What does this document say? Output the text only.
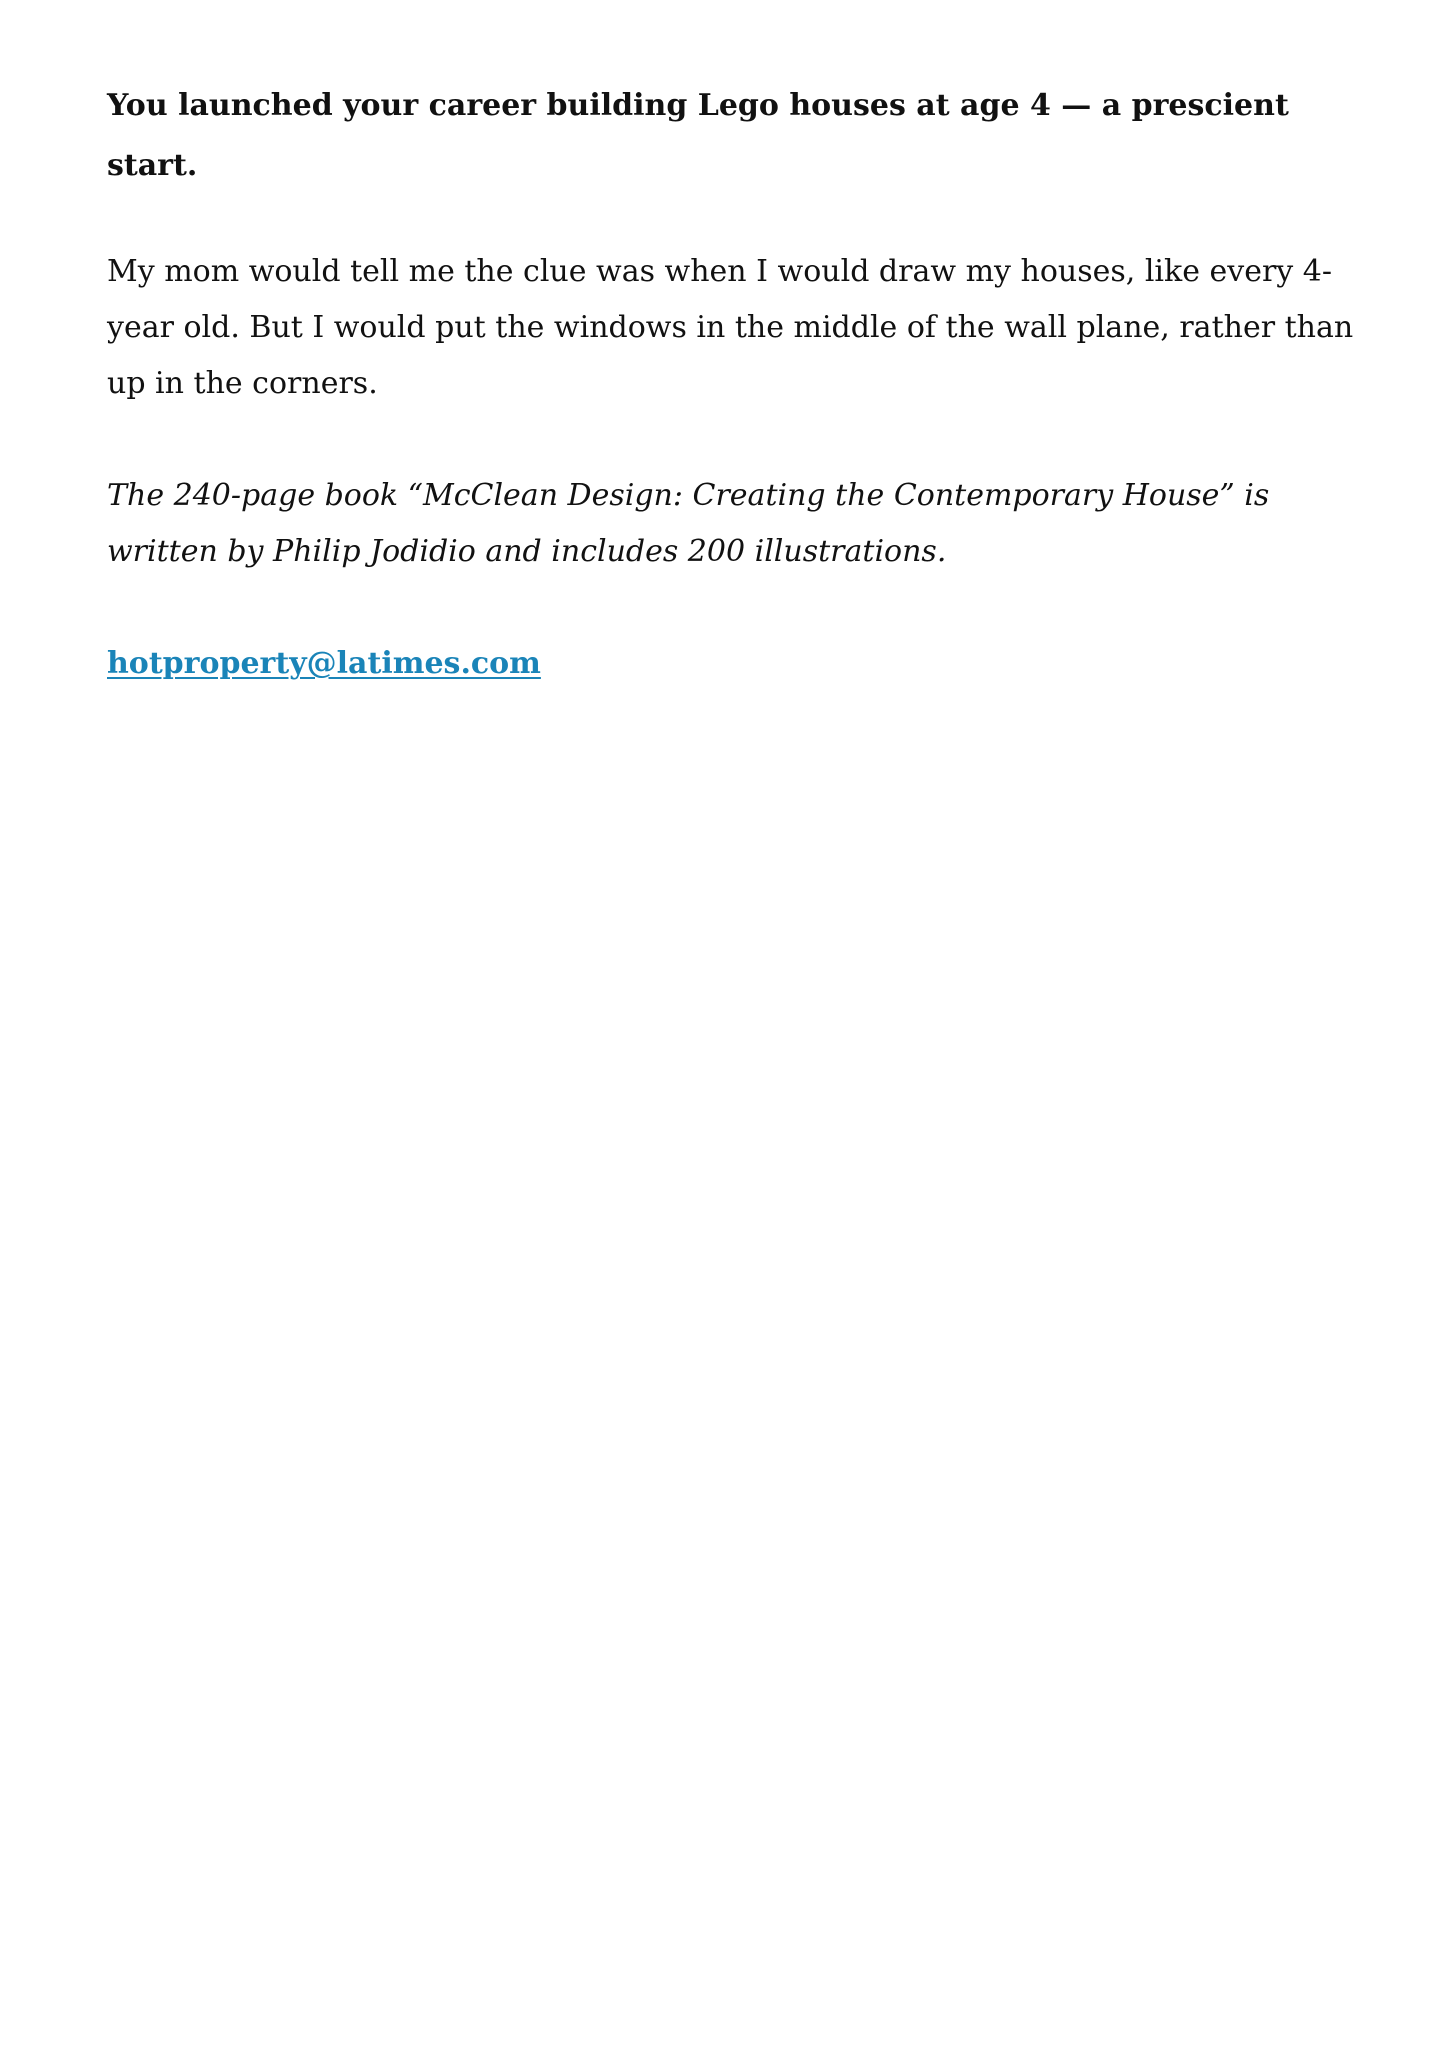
You launched your career building Lego houses at age 4 — a prescient start.

My mom would tell me the clue was when I would draw my houses, like every 4-year old. But I would put the windows in the middle of the wall plane, rather than up in the corners.

The 240-page book “McClean Design: Creating the Contemporary House” is written by Philip Jodidio and includes 200 illustrations.

hotproperty@latimes.com
